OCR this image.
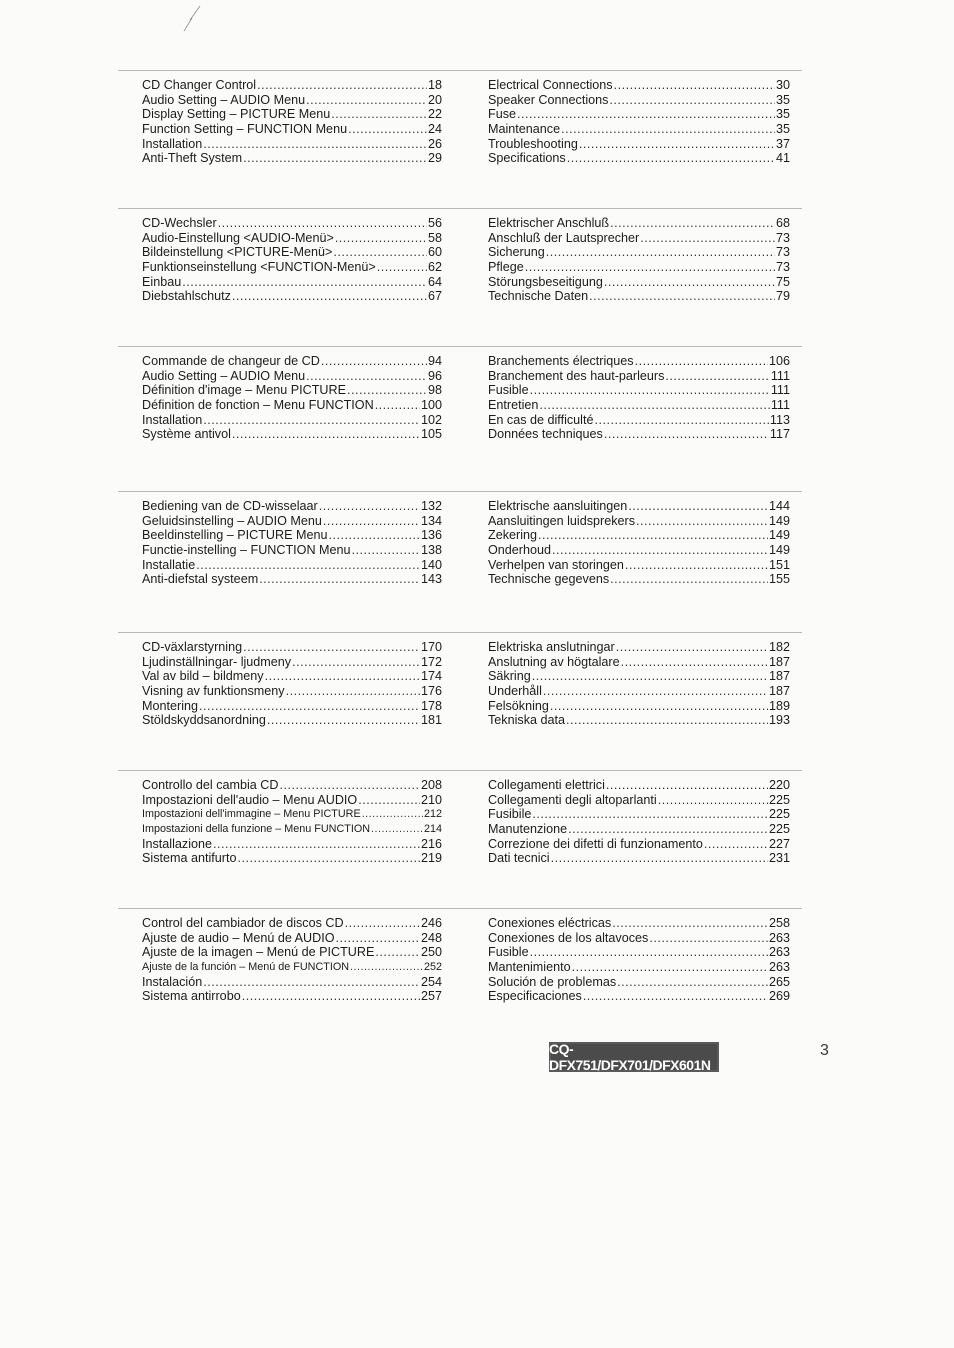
CD Changer Control .....	18
Audio Setting – AUDIO Menu .....	20
Display Setting – PICTURE Menu .....	22
Function Setting – FUNCTION Menu .....	24
Installation .....	26
Anti-Theft System .....	29
Electrical Connections .....	30
Speaker Connections .....	35
Fuse .....	35
Maintenance .....	35
Troubleshooting .....	37
Specifications .....	41
CD-Wechsler .....	56
Audio-Einstellung <AUDIO-Menü> .....	58
Bildeinstellung <PICTURE-Menü> .....	60
Funktionseinstellung <FUNCTION-Menü> .....	62
Einbau .....	64
Diebstahlschutz .....	67
Elektrischer Anschluß .....	68
Anschluß der Lautsprecher .....	73
Sicherung .....	73
Pflege .....	73
Störungsbeseitigung .....	75
Technische Daten .....	79
Commande de changeur de CD .....	94
Audio Setting – AUDIO Menu .....	96
Définition d'image – Menu PICTURE .....	98
Définition de fonction – Menu FUNCTION .....	100
Installation .....	102
Système antivol .....	105
Branchements électriques .....	106
Branchement des haut-parleurs .....	111
Fusible .....	111
Entretien .....	111
En cas de difficulté .....	113
Données techniques .....	117
Bediening van de CD-wisselaar .....	132
Geluidsinstelling – AUDIO Menu .....	134
Beeldinstelling – PICTURE Menu .....	136
Functie-instelling – FUNCTION Menu .....	138
Installatie .....	140
Anti-diefstal systeem .....	143
Elektrische aansluitingen .....	144
Aansluitingen luidsprekers .....	149
Zekering .....	149
Onderhoud .....	149
Verhelpen van storingen .....	151
Technische gegevens .....	155
CD-växlarstyrning .....	170
Ljudinställningar- ljudmeny .....	172
Val av bild – bildmeny .....	174
Visning av funktionsmeny .....	176
Montering .....	178
Stöldskyddsanordning .....	181
Elektriska anslutningar .....	182
Anslutning av högtalare .....	187
Säkring .....	187
Underhåll .....	187
Felsökning .....	189
Tekniska data .....	193
Controllo del cambia CD .....	208
Impostazioni dell'audio – Menu AUDIO .....	210
Impostazioni dell'immagine – Menu PICTURE .....	212
Impostazioni della funzione – Menu FUNCTION .....	214
Installazione .....	216
Sistema antifurto .....	219
Collegamenti elettrici .....	220
Collegamenti degli altoparlanti .....	225
Fusibile .....	225
Manutenzione .....	225
Correzione dei difetti di funzionamento .....	227
Dati tecnici .....	231
Control del cambiador de discos CD .....	246
Ajuste de audio – Menú de AUDIO .....	248
Ajuste de la imagen – Menú de PICTURE .....	250
Ajuste de la función – Menú de FUNCTION .....	252
Instalación .....	254
Sistema antirrobo .....	257
Conexiones eléctricas .....	258
Conexiones de los altavoces .....	263
Fusible .....	263
Mantenimiento .....	263
Solución de problemas .....	265
Especificaciones .....	269
CQ-DFX751/DFX701/DFX601N
3
